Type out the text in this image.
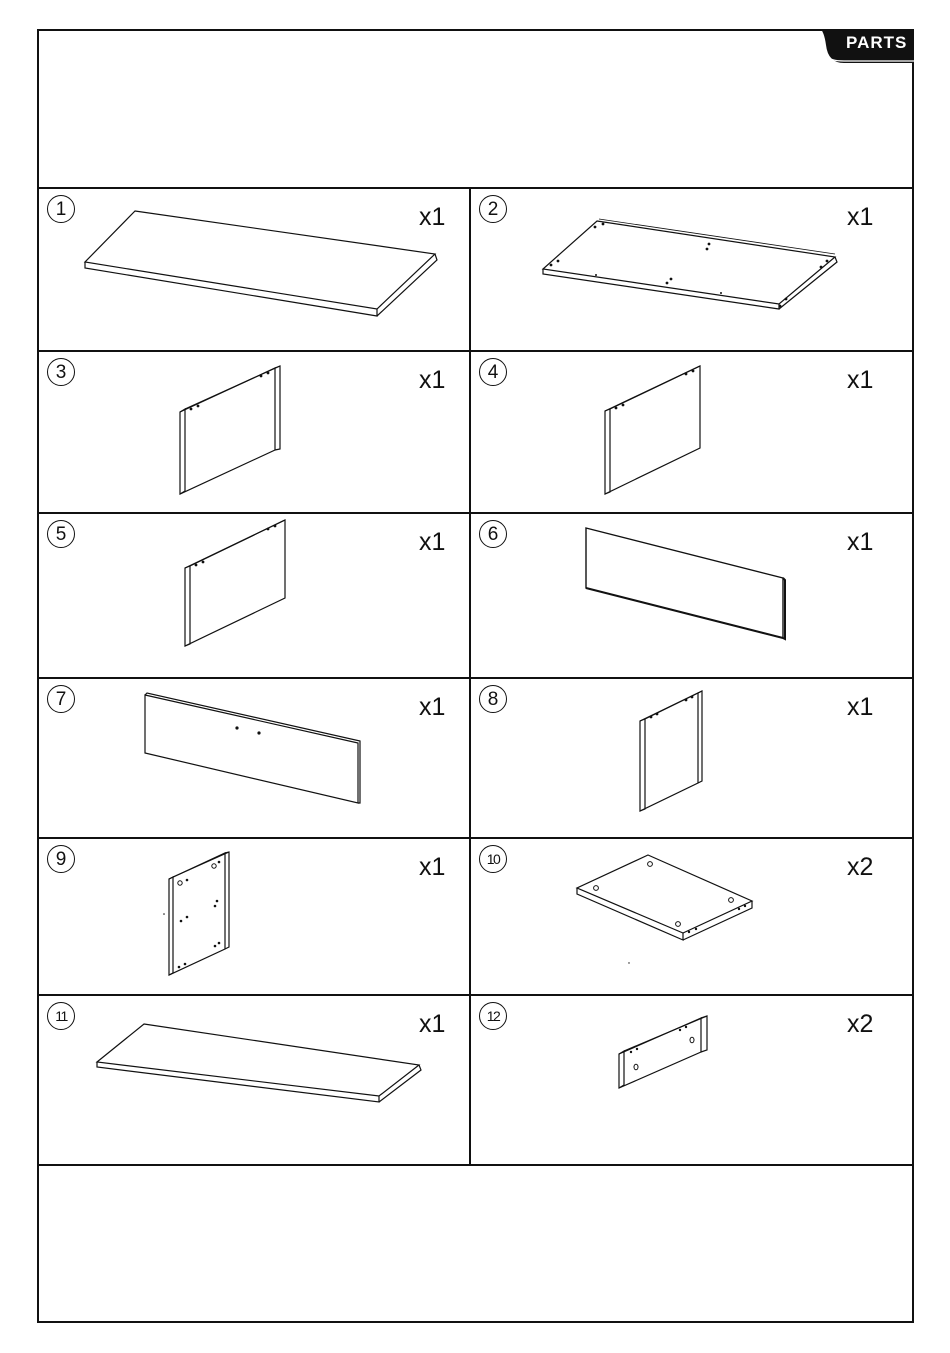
PARTS
1	x1	2	x1
3	x1	4	x1
5	x1	6	x1
7	x1	8	x1
9	x1	10	x2
11	x1	12	x2
